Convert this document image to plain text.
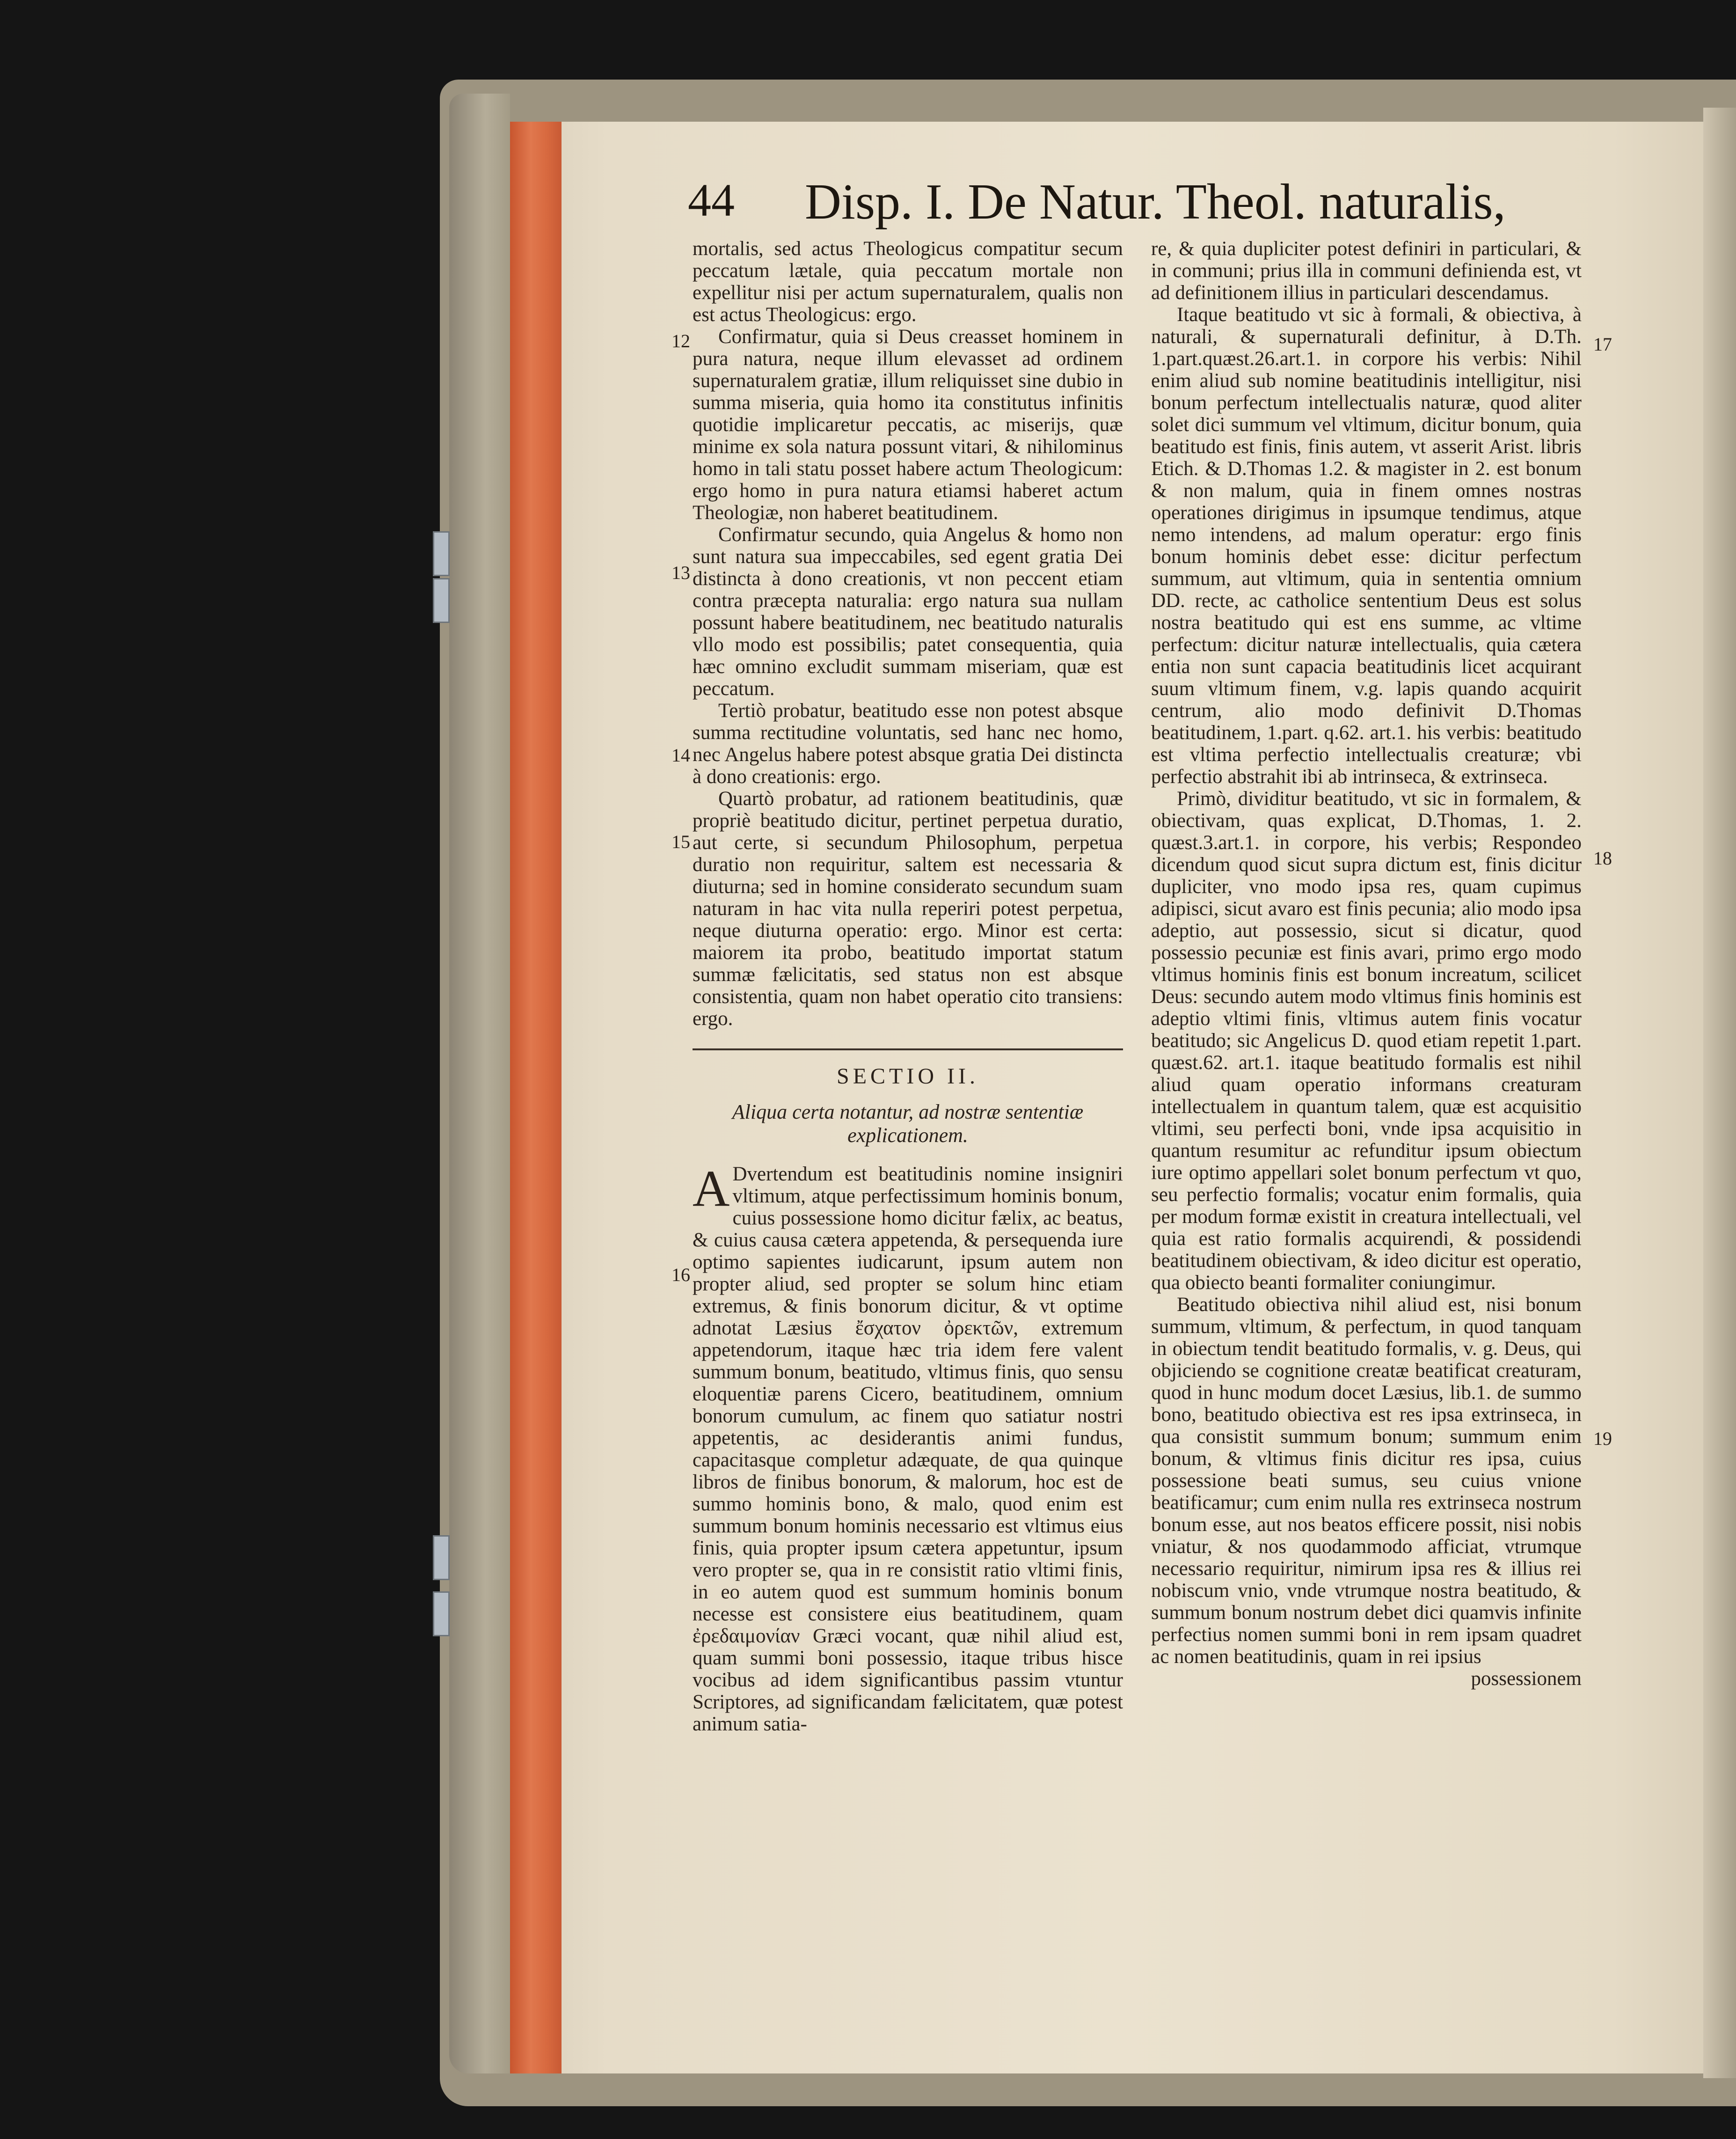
44 Disp. I. De Natur. Theol. naturalis,
12
13
14
15
16
17
18
19

mortalis, sed actus Theologicus compatitur secum peccatum lætale, quia peccatum mortale non expellitur nisi per actum supernaturalem, qualis non est actus Theologicus: ergo.

Confirmatur, quia si Deus creasset hominem in pura natura, neque illum elevasset ad ordinem supernaturalem gratiæ, illum reliquisset sine dubio in summa miseria, quia homo ita constitutus infinitis quotidie implicaretur peccatis, ac miserijs, quæ minime ex sola natura possunt vitari, & nihilominus homo in tali statu posset habere actum Theologicum: ergo homo in pura natura etiamsi haberet actum Theologiæ, non haberet beatitudinem.

Confirmatur secundo, quia Angelus & homo non sunt natura sua impeccabiles, sed egent gratia Dei distincta à dono creationis, vt non peccent etiam contra præcepta naturalia: ergo natura sua nullam possunt habere beatitudinem, nec beatitudo naturalis vllo modo est possibilis; patet consequentia, quia hæc omnino excludit summam miseriam, quæ est peccatum.

Tertiò probatur, beatitudo esse non potest absque summa rectitudine voluntatis, sed hanc nec homo, nec Angelus habere potest absque gratia Dei distincta à dono creationis: ergo.

Quartò probatur, ad rationem beatitudinis, quæ propriè beatitudo dicitur, pertinet perpetua duratio, aut certe, si secundum Philosophum, perpetua duratio non requiritur, saltem est necessaria & diuturna; sed in homine considerato secundum suam naturam in hac vita nulla reperiri potest perpetua, neque diuturna operatio: ergo. Minor est certa: maiorem ita probo, beatitudo importat statum summæ fælicitatis, sed status non est absque consistentia, quam non habet operatio cito transiens: ergo.

SECTIO II.
Aliqua certa notantur, ad nostræ sententiæ explicationem.

ADvertendum est beatitudinis nomine insigniri vltimum, atque perfectissimum hominis bonum, cuius possessione homo dicitur fælix, ac beatus, & cuius causa cætera appetenda, & persequenda iure optimo sapientes iudicarunt, ipsum autem non propter aliud, sed propter se solum hinc etiam extremus, & finis bonorum dicitur, & vt optime adnotat Læsius ἔσχατον ὀρεκτῶν, extremum appetendorum, itaque hæc tria idem fere valent summum bonum, beatitudo, vltimus finis, quo sensu eloquentiæ parens Cicero, beatitudinem, omnium bonorum cumulum, ac finem quo satiatur nostri appetentis, ac desiderantis animi fundus, capacitasque completur adæquate, de qua quinque libros de finibus bonorum, & malorum, hoc est de summo hominis bono, & malo, quod enim est summum bonum hominis necessario est vltimus eius finis, quia propter ipsum cætera appetuntur, ipsum vero propter se, qua in re consistit ratio vltimi finis, in eo autem quod est summum hominis bonum necesse est consistere eius beatitudinem, quam ἐρεδαιμονίαν Græci vocant, quæ nihil aliud est, quam summi boni possessio, itaque tribus hisce vocibus ad idem significantibus passim vtuntur Scriptores, ad significandam fælicitatem, quæ potest animum satia-

re, & quia dupliciter potest definiri in particulari, & in communi; prius illa in communi definienda est, vt ad definitionem illius in particulari descendamus.

Itaque beatitudo vt sic à formali, & obiectiva, à naturali, & supernaturali definitur, à D.Th. 1.part.quæst.26.art.1. in corpore his verbis: Nihil enim aliud sub nomine beatitudinis intelligitur, nisi bonum perfectum intellectualis naturæ, quod aliter solet dici summum vel vltimum, dicitur bonum, quia beatitudo est finis, finis autem, vt asserit Arist. libris Etich. & D.Thomas 1.2. & magister in 2. est bonum & non malum, quia in finem omnes nostras operationes dirigimus in ipsumque tendimus, atque nemo intendens, ad malum operatur: ergo finis bonum hominis debet esse: dicitur perfectum summum, aut vltimum, quia in sententia omnium DD. recte, ac catholice sententium Deus est solus nostra beatitudo qui est ens summe, ac vltime perfectum: dicitur naturæ intellectualis, quia cætera entia non sunt capacia beatitudinis licet acquirant suum vltimum finem, v.g. lapis quando acquirit centrum, alio modo definivit D.Thomas beatitudinem, 1.part. q.62. art.1. his verbis: beatitudo est vltima perfectio intellectualis creaturæ; vbi perfectio abstrahit ibi ab intrinseca, & extrinseca.

Primò, dividitur beatitudo, vt sic in formalem, & obiectivam, quas explicat, D.Thomas, 1. 2. quæst.3.art.1. in corpore, his verbis; Respondeo dicendum quod sicut supra dictum est, finis dicitur dupliciter, vno modo ipsa res, quam cupimus adipisci, sicut avaro est finis pecunia; alio modo ipsa adeptio, aut possessio, sicut si dicatur, quod possessio pecuniæ est finis avari, primo ergo modo vltimus hominis finis est bonum increatum, scilicet Deus: secundo autem modo vltimus finis hominis est adeptio vltimi finis, vltimus autem finis vocatur beatitudo; sic Angelicus D. quod etiam repetit 1.part. quæst.62. art.1. itaque beatitudo formalis est nihil aliud quam operatio informans creaturam intellectualem in quantum talem, quæ est acquisitio vltimi, seu perfecti boni, vnde ipsa acquisitio in quantum resumitur ac refunditur ipsum obiectum iure optimo appellari solet bonum perfectum vt quo, seu perfectio formalis; vocatur enim formalis, quia per modum formæ existit in creatura intellectuali, vel quia est ratio formalis acquirendi, & possidendi beatitudinem obiectivam, & ideo dicitur est operatio, qua obiecto beanti formaliter coniungimur.

Beatitudo obiectiva nihil aliud est, nisi bonum summum, vltimum, & perfectum, in quod tanquam in obiectum tendit beatitudo formalis, v. g. Deus, qui objiciendo se cognitione creatæ beatificat creaturam, quod in hunc modum docet Læsius, lib.1. de summo bono, beatitudo obiectiva est res ipsa extrinseca, in qua consistit summum bonum; summum enim bonum, & vltimus finis dicitur res ipsa, cuius possessione beati sumus, seu cuius vnione beatificamur; cum enim nulla res extrinseca nostrum bonum esse, aut nos beatos efficere possit, nisi nobis vniatur, & nos quodammodo afficiat, vtrumque necessario requiritur, nimirum ipsa res & illius rei nobiscum vnio, vnde vtrumque nostra beatitudo, & summum bonum nostrum debet dici quamvis infinite perfectius nomen summi boni in rem ipsam quadret ac nomen beatitudinis, quam in rei ipsius

possessionem
